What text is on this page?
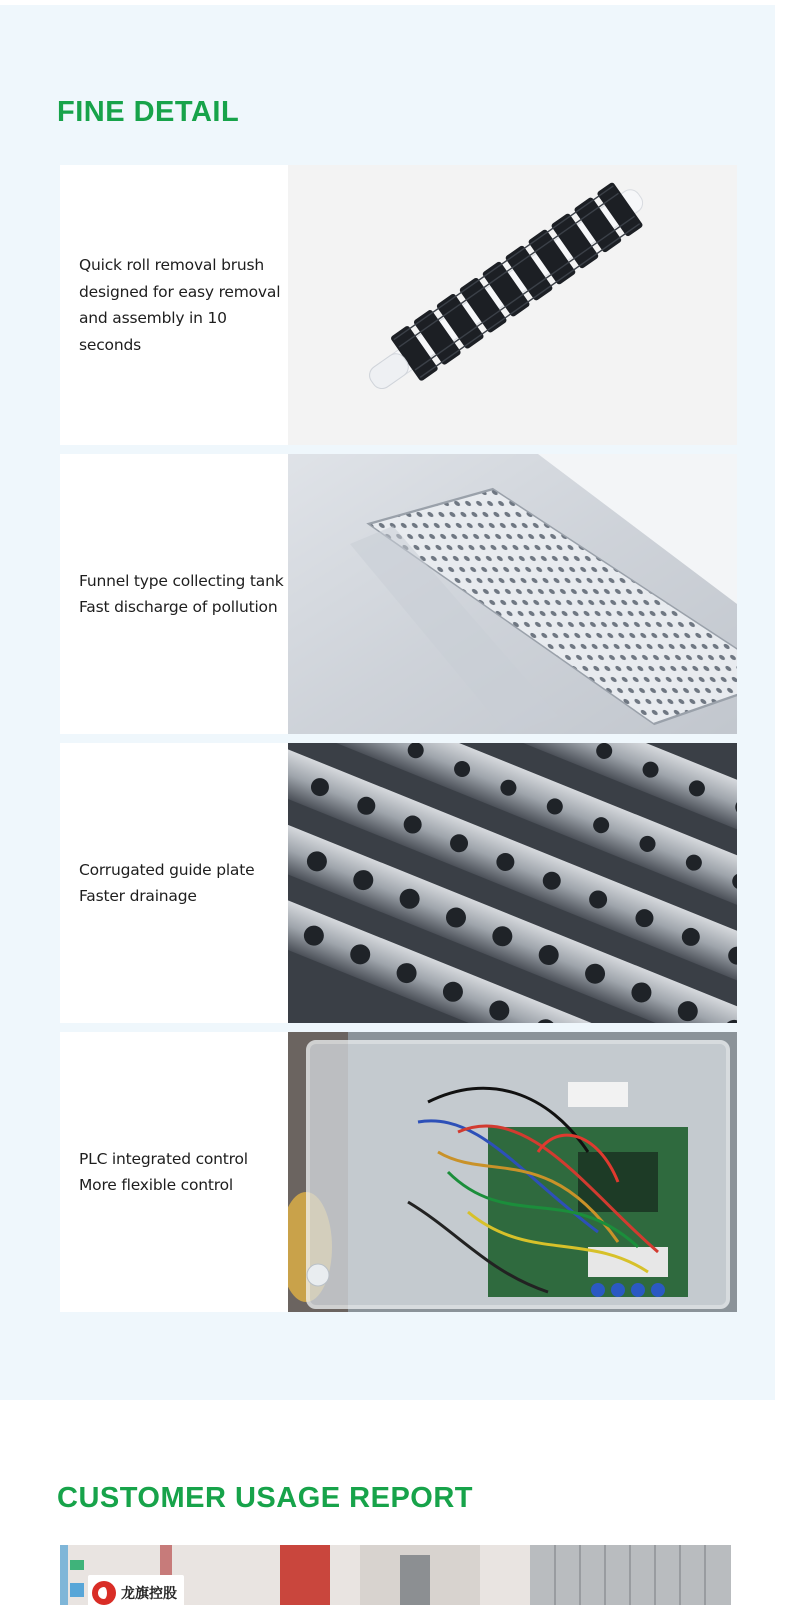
FINE DETAIL

Quick roll removal brush

designed for easy removal

and assembly in 10 seconds

Funnel type collecting tank

Fast discharge of pollution

Corrugated guide plate

Faster drainage

PLC integrated control

More flexible control

CUSTOMER USAGE REPORT
龙旗控股
